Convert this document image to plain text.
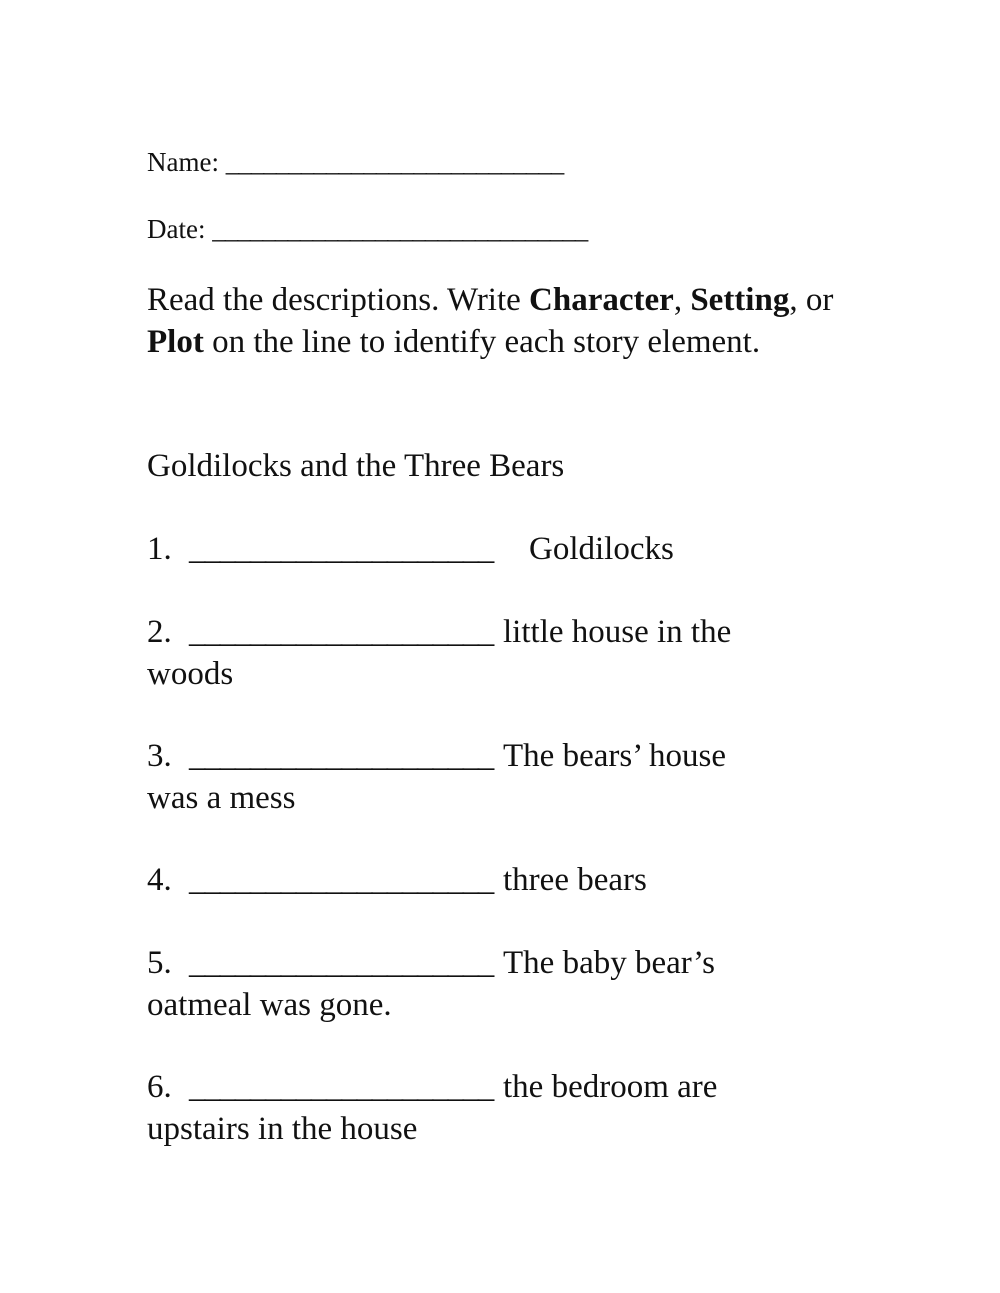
Name: ___________________________
Date: ______________________________
Read the descriptions. Write Character, Setting, or Plot on the line to identify each story element.
Goldilocks and the Three Bears
1. ____________________ Goldilocks
2. ____________________ little house in the
woods
3. ____________________ The bears’ house
was a mess
4. ____________________ three bears
5. ____________________ The baby bear’s
oatmeal was gone.
6. ____________________ the bedroom are
upstairs in the house
